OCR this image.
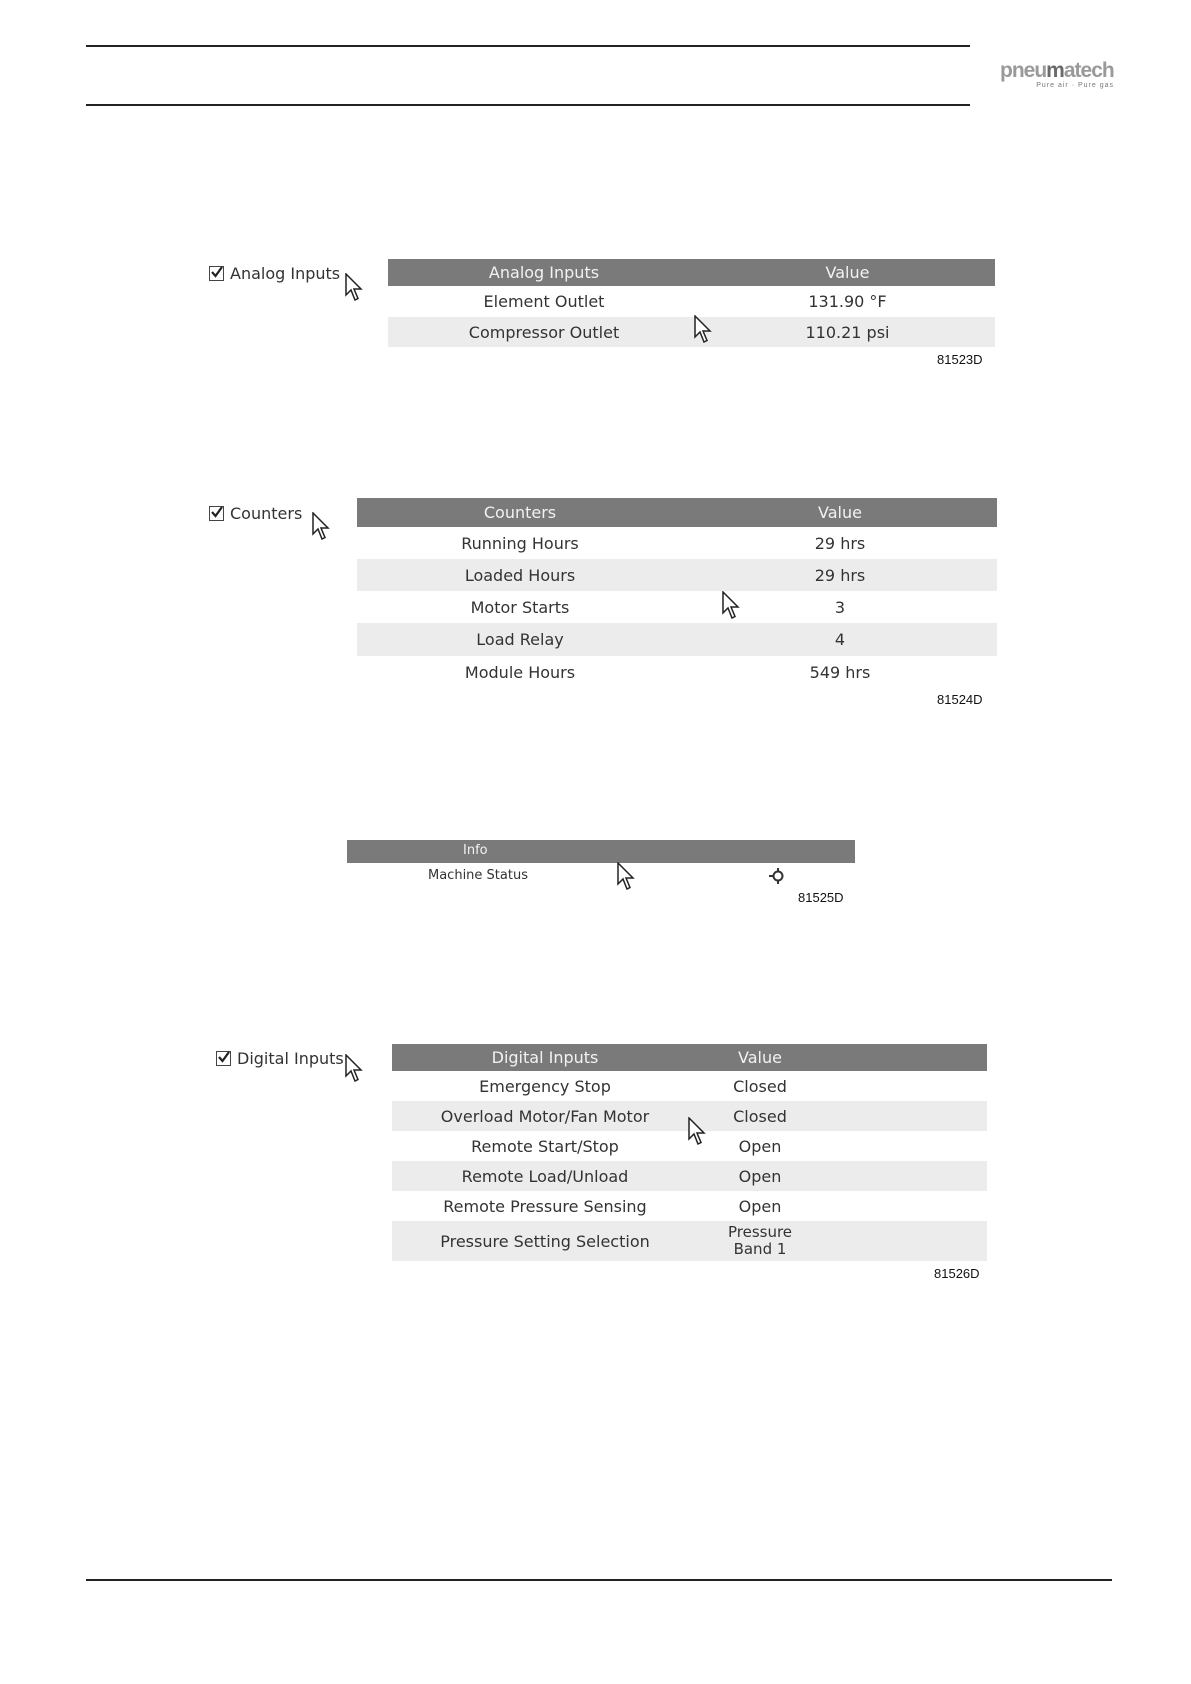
pneumatech
Pure air · Pure gas
Analog Inputs	Analog Inputs	Value
Element Outlet	131.90 °F
Compressor Outlet	110.21 psi
81523D
Counters	Counters	Value
Running Hours	29 hrs
Loaded Hours	29 hrs
Motor Starts	3
Load Relay	4
Module Hours	549 hrs
81524D
Info
Machine Status
81525D
Digital Inputs	Digital Inputs	Value	
Emergency Stop	Closed	
Overload Motor/Fan Motor	Closed	
Remote Start/Stop	Open	
Remote Load/Unload	Open	
Remote Pressure Sensing	Open	
Pressure Setting Selection	Pressure Band 1	
81526D
